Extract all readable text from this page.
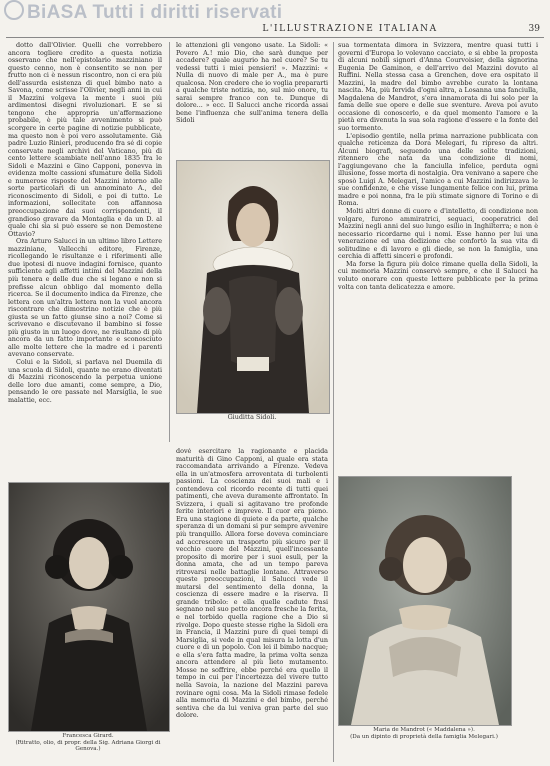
BiASA Tutti i diritti riservati
L'ILLUSTRAZIONE ITALIANA	39

dotto dall'Olivier. Quelli che vorrebbero ancora togliere credito a questa notizia osservano che nell'epistolario mazziniano il questo cenno, non è consentito se non per frutto non ci è nessun riscontro, non ci era più dell'assurda esistenza di quel bimbo nato a Savona, come scrisse l'Olivier, negli anni in cui il Mazzini volgeva la mente i suoi più ardimentosi disegni rivoluzionari. E se si tengono che appropria un'affermazione probabile, è più tale avvenimento si può scorgere in certe pagine di notizie pubblicate, ma questo non è poi vero assolutamente. Già padre Luzio Rinieri, producendo fra sé di copie conservate negli archivi del Vaticano, più di cento lettere scambiate nell'anno 1835 fra le Sidoli e Mazzini e Gino Capponi, ponevva in evidenza molte cassioni sfumature della Sidoli e numerose risposte del Mazzini intorno alle sorte particolari di un annominato A., del riconoscimento di Sidoli, e poi di tutto. Le informazioni, sollecitate con affannosa preoccupazione dai suoi corrispondenti, il grandioso gravare da Montaglia e da un D. al quale chi sia si può essere se non Demostene Ottavio?

Ora Arturo Salucci in un ultimo libro Lettere mazziniane, Vallecchi editore, Firenze, ricollegando le risultanze e i riferimenti alle due ipotesi di nuove indagini fornisce, quanto sufficiente agli affetti intimi del Mazzini della più tenera e delle due che si legano e non si prefisse alcun obbligo dal momento della ricerca. Se il documento indica da Firenze, che lettera con un'altra lettera non la vuol ancora riscontrare che dimostrino notizie che è più giusta se un fatto giunse sino a noi? Come si scrivevano e discutevano il bambino si fosse più giusto in un luogo dove, ne risultano di più ancora da un fatto importante e sconosciuto alle molte lettere che la madre ed i parenti avevano conservate.

Colui e la Sidoli, si parlava nel Duemila di una scuola di Sidoli, quante ne erano diventati di Mazzini riconoscendo la perpetua unione delle loro due amanti, come sempre, a Dio, pensando le ore passate nel Marsiglia, le sue malattie, ecc.

le attenzioni gli vengono usate. La Sidoli: « Povero A.! mio Dio, che sarà dunque per accadere? quale augurio ha nel cuore? Se tu vedessi tutti i miei pensieri! ». Mazzini: « Nulla di nuovo di male per A., ma è pure qualcosa. Non credere che io voglia prepararti a qualche triste notizia, no, sul mio onore, tu sarai sempre franco con te. Dunque di dolore... » ecc. Il Salucci anche ricorda assai bene l'influenza che sull'anima tenera della Sidoli

Giuditta Sidoli.

dové esercitare la ragionante e placida maturità di Gino Capponi, al quale era stata raccomandata arrivando a Firenze. Vedeva ella in un'atmosfera arroventata di turbolenti passioni. La coscienza dei suoi mali e i contendeva col ricordo recente di tutti quei patimenti, che aveva duramente affrontato. In Svizzera, i quali si agitavano tre profonde ferite interiori e impreve. Il cuor era pieno. Era una stagione di quiete e da parte, qualche speranza di un domani si pur sempre avvenire più tranquillo. Allora forse doveva cominciare ad accrescere un trasporto più sicuro per il vecchio cuore del Mazzini, quell'incessante proposito di morire per i suoi esuli, per la donna amata, che ad un tempo pareva ritrovarsi nelle battaglie lontane. Attraverso queste preoccupazioni, il Salucci vede il mutarsi del sentimento della donna, la coscienza di essere madre e la riserva. Il grande tribolo: e ella quelle cadute frasi segnano nel suo petto ancora fresche la ferita, e nel torbido quella ragione che a Dio si rivolge. Dopo queste stesse righe la Sidoli era in Francia, il Mazzini pure di quei tempi di Marsiglia, si vede in qual misura la lotta d'un cuore e di un popolo. Con lei il bimbo nacque; e ella s'era fatta madre, la prima volta senza ancora attendere al più lieto mutamento. Mosse ne soffrire, ebbe perché era quello il tempo in cui per l'incertezza del vivere tutto nella Savoia, la nazione del Mazzini pareva rovinare ogni cosa. Ma la Sidoli rimase fedele alla memoria di Mazzini e del bimbo, perché sentiva che da lui veniva gran parte del suo dolore.

sua tormentata dimora in Svizzera, mentre quasi tutti i governi d'Europa lo volevano cacciato, e si ebbe la proposta di alcuni nobili signori d'Anna Courvoisier, della signorina Eugenia De Gaminon, e dell'arrivo del Mazzini dovuto al Ruffini. Nella stessa casa a Grenchen, dove era ospitato il Mazzini, la madre del bimbo avrebbe curato la lontana nascita. Ma, più fervida d'ogni altra, a Losanna una fanciulla, Magdalena de Mandrot, s'era innamorata di lui solo per la fama delle sue opere e delle sue sventure. Aveva poi avuto occasione di conoscerlo, e da quel momento l'amore e la pietà era divenuta la sua sola ragione d'essere e la fonte del suo tormento.

L'episodio gentile, nella prima narrazione pubblicata con qualche reticenza da Dora Melegari, fu ripreso da altri. Alcuni biografi, seguendo una delle solite tradizioni, ritennero che nata da una condizione di nomi, l'aggiungevano che la fanciulla infelice, perduta ogni illusione, fosse morta di nostalgia. Ora venivano a sapere che sposò Luigi A. Melegari, l'amico a cui Mazzini indirizzava le sue confidenze, e che visse lungamente felice con lui, prima madre e poi nonna, fra le più stimate signore di Torino e di Roma.

Molti altri donne di cuore e d'intelletto, di condizione non volgare, furono ammiratrici, seguaci, cooperatrici del Mazzini negli anni del suo lungo esilio in Inghilterra; e non è necessario ricordarne qui i nomi. Esse hanno per lui una venerazione ed una dedizione che confortò la sua vita di solitudine e di lavoro e gli diede, se non la famiglia, una cerchia di affetti sinceri e profondi.

Ma forse la figura più dolce rimane quella della Sidoli, la cui memoria Mazzini conservò sempre, e che il Salucci ha voluto onorare con queste lettere pubblicate per la prima volta con tanta delicatezza e amore.

Francesca Girard.
(Ritratto, olio, di propr. della Sig. Adriana Giorgi di Genova.)
Maria de Mandrot (« Maddalena »).
(Da un dipinto di proprietà della famiglia Melegari.)
